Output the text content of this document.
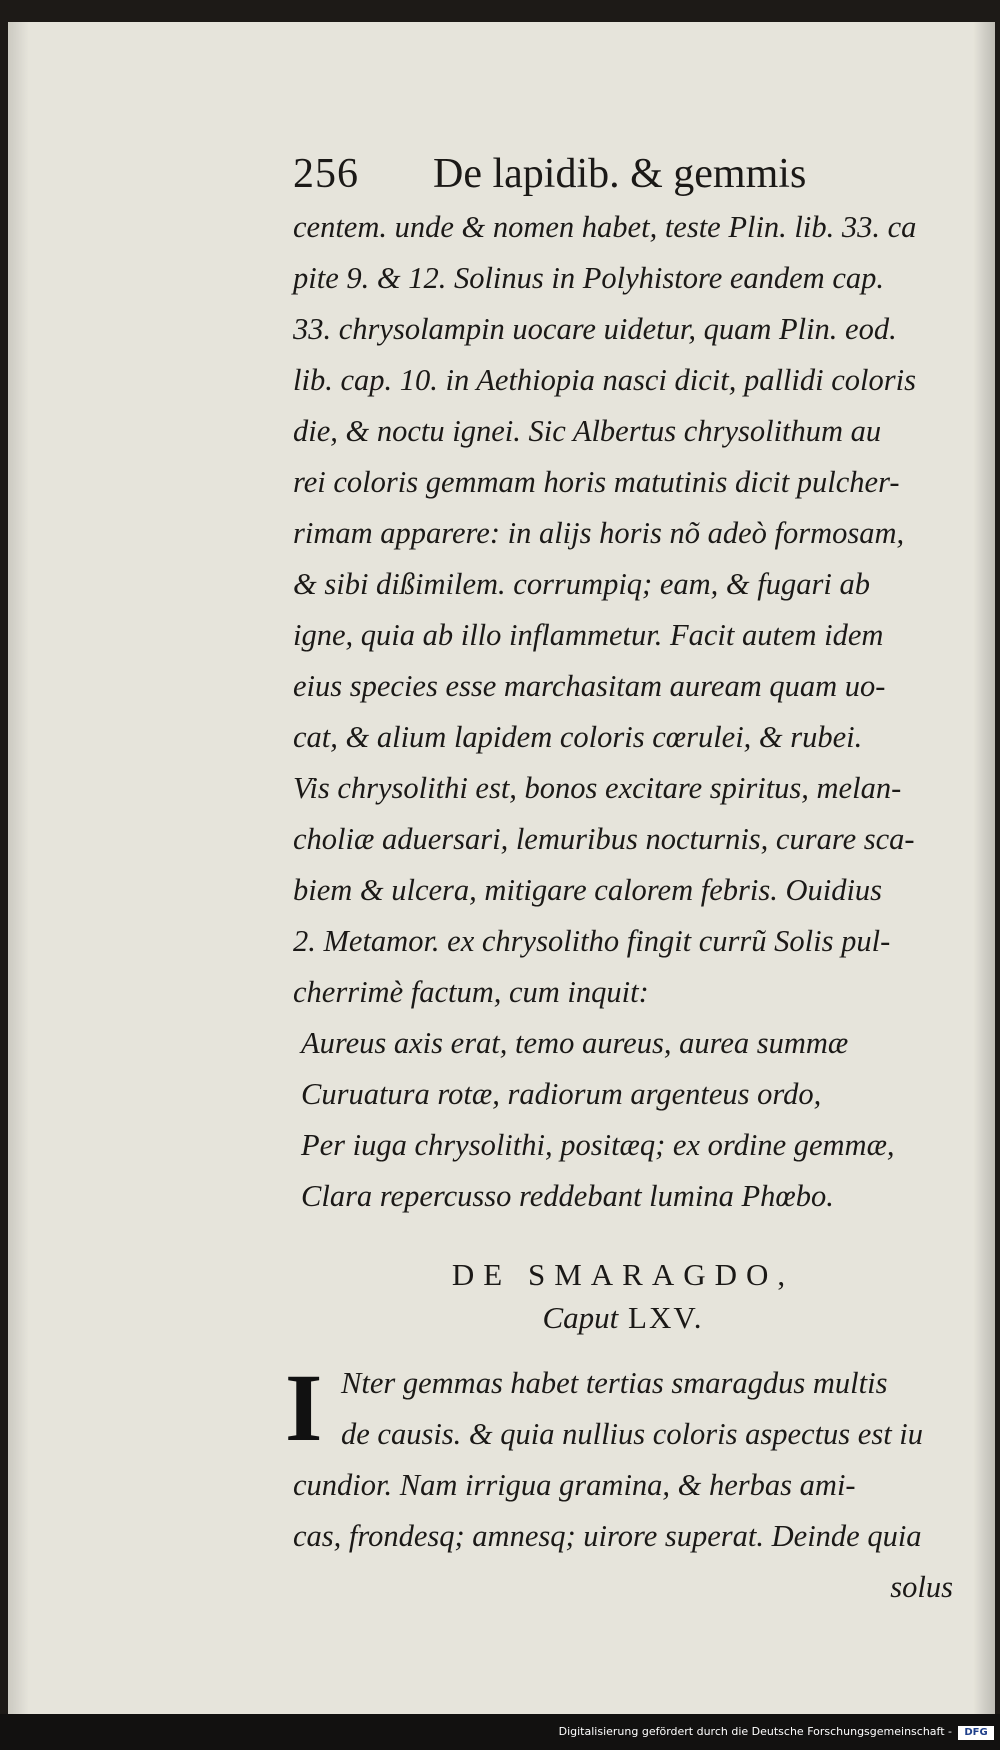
256 De lapidib. & gemmis
centem. unde & nomen habet, teste Plin. lib. 33. ca
pite 9. & 12. Solinus in Polyhistore eandem cap.
33. chrysolampin uocare uidetur, quam Plin. eod.
lib. cap. 10. in Aethiopia nasci dicit, pallidi coloris
die, & noctu ignei. Sic Albertus chrysolithum au
rei coloris gemmam horis matutinis dicit pulcher-
rimam apparere: in alijs horis nõ adeò formosam,
& sibi dißimilem. corrumpiq; eam, & fugari ab
igne, quia ab illo inflammetur. Facit autem idem
eius species esse marchasitam auream quam uo-
cat, & alium lapidem coloris cœrulei, & rubei.
Vis chrysolithi est, bonos excitare spiritus, melan-
choliæ aduersari, lemuribus nocturnis, curare sca-
biem & ulcera, mitigare calorem febris. Ouidius
2. Metamor. ex chrysolitho fingit currũ Solis pul-
cherrimè factum, cum inquit:
Aureus axis erat, temo aureus, aurea summæ
Curuatura rotæ, radiorum argenteus ordo,
Per iuga chrysolithi, positæq; ex ordine gemmæ,
Clara repercusso reddebant lumina Phœbo.
DE SMARAGDO,
Caput LXV.
I Nter gemmas habet tertias smaragdus multis
de causis. & quia nullius coloris aspectus est iu
cundior. Nam irrigua gramina, & herbas ami-
cas, frondesq; amnesq; uirore superat. Deinde quia
solus
Digitalisierung gefördert durch die Deutsche Forschungsgemeinschaft -	DFG
